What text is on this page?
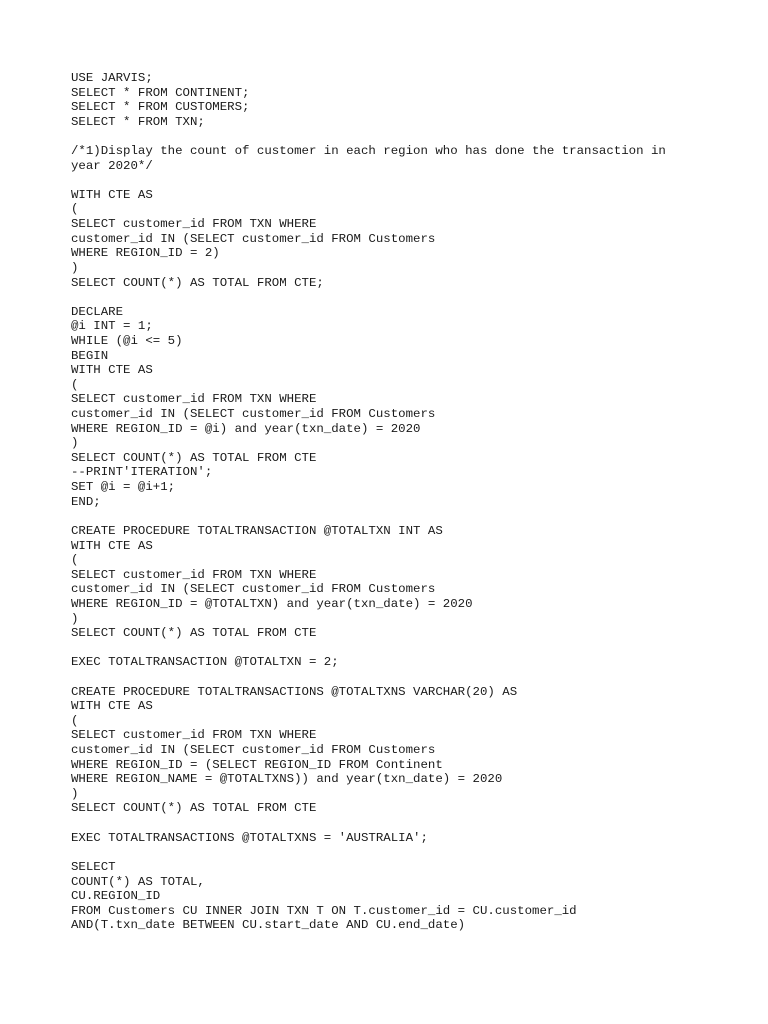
USE JARVIS;
SELECT * FROM CONTINENT;
SELECT * FROM CUSTOMERS;
SELECT * FROM TXN;
/*1)Display the count of customer in each region who has done the transaction in
year 2020*/
WITH CTE AS
(
SELECT customer_id FROM TXN WHERE
customer_id IN (SELECT customer_id FROM Customers
WHERE REGION_ID = 2)
)
SELECT COUNT(*) AS TOTAL FROM CTE;
DECLARE
@i INT = 1;
WHILE (@i <= 5)
BEGIN
WITH CTE AS
(
SELECT customer_id FROM TXN WHERE
customer_id IN (SELECT customer_id FROM Customers
WHERE REGION_ID = @i) and year(txn_date) = 2020
)
SELECT COUNT(*) AS TOTAL FROM CTE
--PRINT'ITERATION';
SET @i = @i+1;
END;
CREATE PROCEDURE TOTALTRANSACTION @TOTALTXN INT AS
WITH CTE AS
(
SELECT customer_id FROM TXN WHERE
customer_id IN (SELECT customer_id FROM Customers
WHERE REGION_ID = @TOTALTXN) and year(txn_date) = 2020
)
SELECT COUNT(*) AS TOTAL FROM CTE
EXEC TOTALTRANSACTION @TOTALTXN = 2;
CREATE PROCEDURE TOTALTRANSACTIONS @TOTALTXNS VARCHAR(20) AS
WITH CTE AS
(
SELECT customer_id FROM TXN WHERE
customer_id IN (SELECT customer_id FROM Customers
WHERE REGION_ID = (SELECT REGION_ID FROM Continent
WHERE REGION_NAME = @TOTALTXNS)) and year(txn_date) = 2020
)
SELECT COUNT(*) AS TOTAL FROM CTE
EXEC TOTALTRANSACTIONS @TOTALTXNS = 'AUSTRALIA';
SELECT
COUNT(*) AS TOTAL,
CU.REGION_ID
FROM Customers CU INNER JOIN TXN T ON T.customer_id = CU.customer_id
AND(T.txn_date BETWEEN CU.start_date AND CU.end_date)
